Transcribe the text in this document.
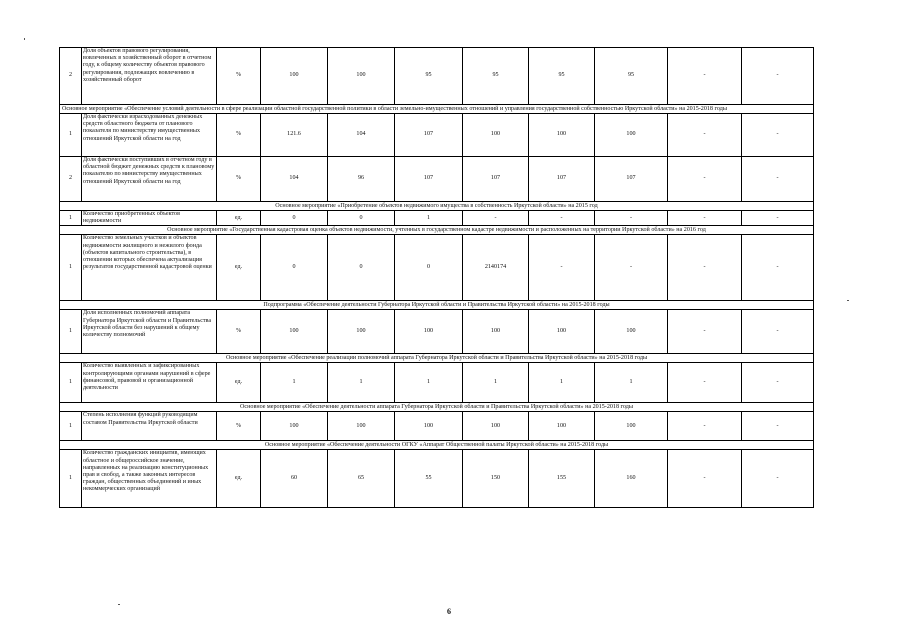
2	Доля объектов правового регулирования, вовлеченных в хозяйственный оборот в отчетном году, к общему количеству объектов правового регулирования, подлежащих вовлечению в хозяйственный оборот	%	100	100	95	95	95	95	-	-
Основное мероприятие «Обеспечение условий деятельности в сфере реализации областной государственной политики в области земельно-имущественных отношений и управления государственной собственностью Иркутской области» на 2015-2018 годы										
1	Доля фактически израсходованных денежных средств областного бюджета от планового показателя по министерству имущественных отношений Иркутской области на год	%	121.6	104	107	100	100	100	-	-
2	Доля фактически поступивших в отчетном году в областной бюджет денежных средств к плановому показателю по министерству имущественных отношений Иркутской области на год	%	104	96	107	107	107	107	-	-
Основное мероприятие «Приобретение объектов недвижимого имущества в собственность Иркутской области» на 2015 год										
1	Количество приобретенных объектов недвижимости	ед.	0	0	1	-	-	-	-	-
Основное мероприятие «Государственная кадастровая оценка объектов недвижимости, учтенных в государственном кадастре недвижимости и расположенных на территории Иркутской области» на 2016 год										
1	Количество земельных участков и объектов недвижимости жилищного и нежилого фонда (объектов капитального строительства), в отношении которых обеспечена актуализация результатов государственной кадастровой оценки	ед.	0	0	0	2140174	-	-	-	-
Подпрограмма «Обеспечение деятельности Губернатора Иркутской области и Правительства Иркутской области» на 2015-2018 годы										
1	Доля исполненных полномочий аппарата Губернатора Иркутской области и Правительства Иркутской области без нарушений к общему количеству полномочий	%	100	100	100	100	100	100	-	-
Основное мероприятие «Обеспечение реализации полномочий аппарата Губернатора Иркутской области и Правительства Иркутской области» на 2015-2018 годы										
1	Количество выявленных и зафиксированных контролирующими органами нарушений в сфере финансовой, правовой и организационной деятельности	ед.	1	1	1	1	1	1	-	-
Основное мероприятие «Обеспечение деятельности аппарата Губернатора Иркутской области и Правительства Иркутской области» на 2015-2018 годы										
1	Степень исполнения функций руководящим составом Правительства Иркутской области	%	100	100	100	100	100	100	-	-
Основное мероприятие «Обеспечение деятельности ОГКУ «Аппарат Общественной палаты Иркутской области» на 2015-2018 годы										
1	Количество гражданских инициатив, имеющих областное и общероссийское значение, направленных на реализацию конституционных прав и свобод, а также законных интересов граждан, общественных объединений и иных некоммерческих организаций	ед.	60	65	55	150	155	160	-	-
6
